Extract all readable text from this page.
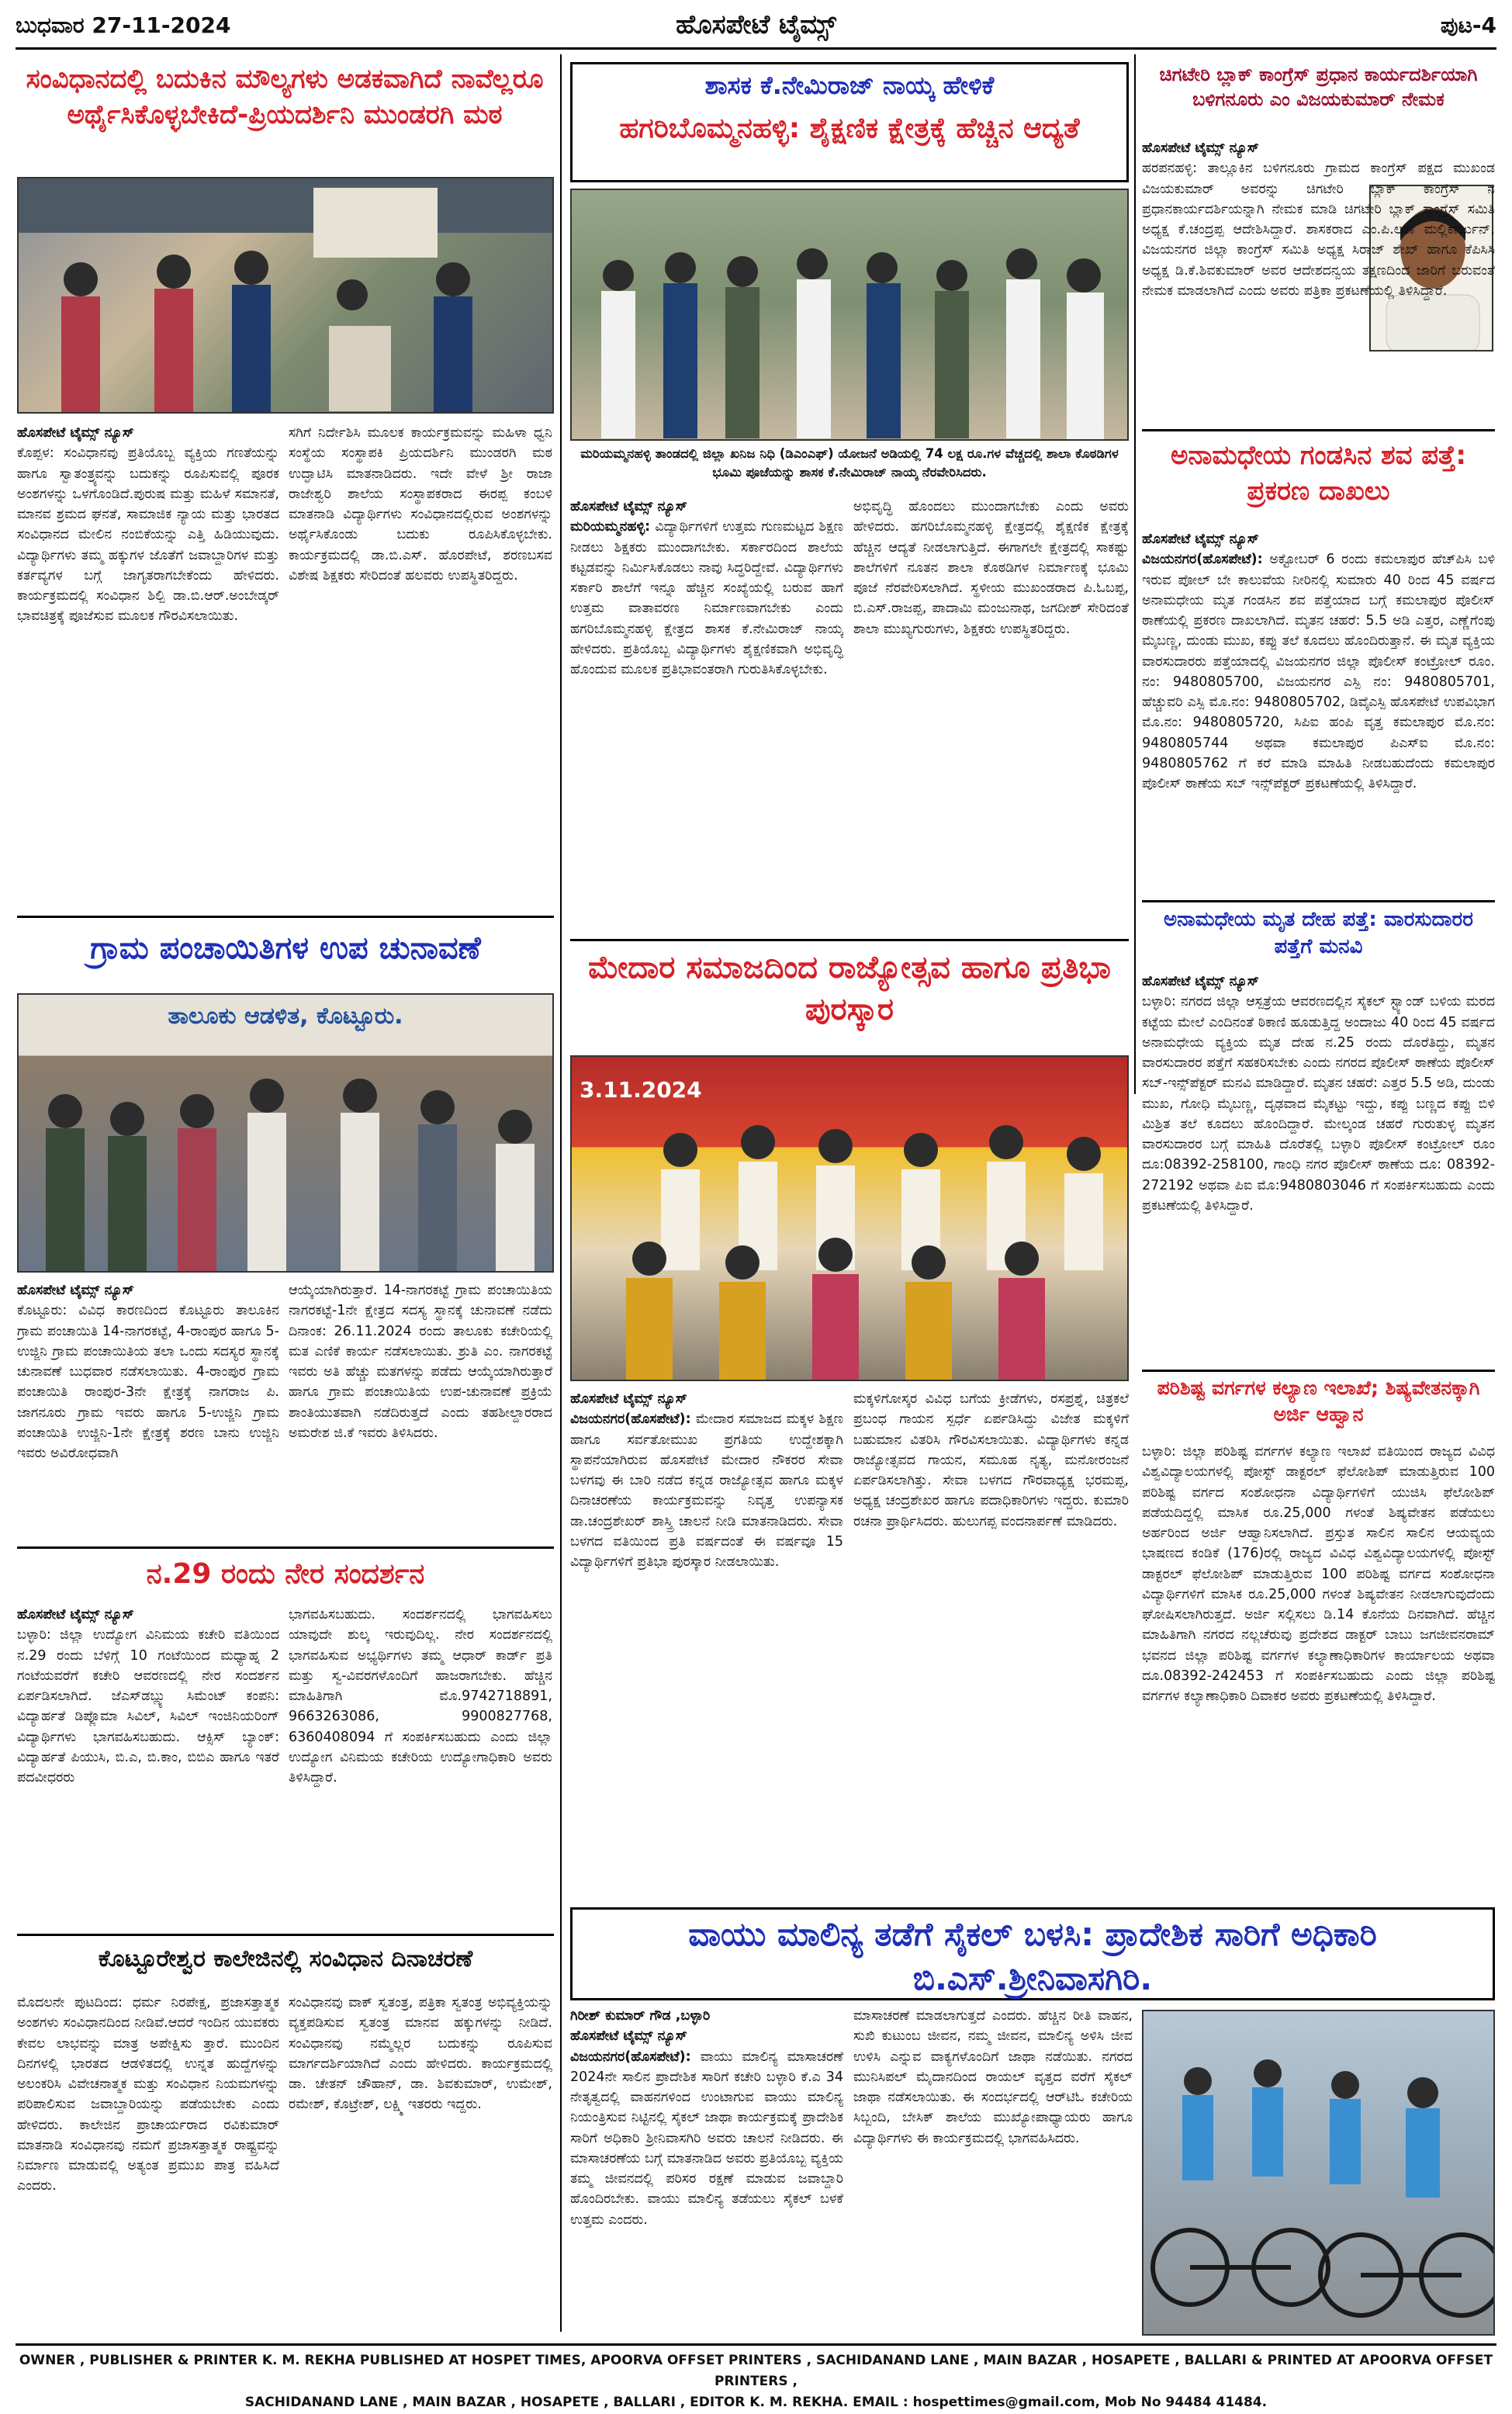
ಬುಧವಾರ 27-11-2024	ಹೊಸಪೇಟೆ ಟೈಮ್ಸ್	ಪುಟ-4
ಸಂವಿಧಾನದಲ್ಲಿ ಬದುಕಿನ ಮೌಲ್ಯಗಳು ಅಡಕವಾಗಿದೆ ನಾವೆಲ್ಲರೂ ಅರ್ಥೈಸಿಕೊಳ್ಳಬೇಕಿದೆ-ಪ್ರಿಯದರ್ಶಿನಿ ಮುಂಡರಗಿ ಮಠ
ಹೊಸಪೇಟೆ ಟೈಮ್ಸ್ ನ್ಯೂಸ್
ಕೊಪ್ಪಳ: ಸಂವಿಧಾನವು ಪ್ರತಿಯೊಬ್ಬ ವ್ಯಕ್ತಿಯ ಗಣತೆಯನ್ನು ಹಾಗೂ ಸ್ವಾತಂತ್ರ್ಯವನ್ನು ಬದುಕನ್ನು ರೂಪಿಸುವಲ್ಲಿ ಪೂರಕ ಅಂಶಗಳನ್ನು ಒಳಗೊಂಡಿದೆ.ಪುರುಷ ಮತ್ತು ಮಹಿಳೆ ಸಮಾನತೆ, ಮಾನವ ಶ್ರಮದ ಘನತೆ, ಸಾಮಾಜಿಕ ನ್ಯಾಯ ಮತ್ತು ಭಾರತದ ಸಂವಿಧಾನದ ಮೇಲಿನ ನಂಬಿಕೆಯನ್ನು ಎತ್ತಿ ಹಿಡಿಯುವುದು. ವಿದ್ಯಾರ್ಥಿಗಳು ತಮ್ಮ ಹಕ್ಕುಗಳ ಜೊತೆಗೆ ಜವಾಬ್ದಾರಿಗಳ ಮತ್ತು ಕರ್ತವ್ಯಗಳ ಬಗ್ಗೆ ಜಾಗೃತರಾಗಬೇಕೆಂದು ಹೇಳಿದರು. ಕಾರ್ಯಕ್ರಮದಲ್ಲಿ ಸಂವಿಧಾನ ಶಿಲ್ಪಿ ಡಾ.ಬಿ.ಆರ್.ಅಂಬೇಡ್ಕರ್ ಭಾವಚಿತ್ರಕ್ಕೆ ಪೂಜೆಸುವ ಮೂಲಕ ಗೌರವಿಸಲಾಯಿತು.
ಸಗಿಗೆ ನಿರ್ದೇಶಿಸಿ ಮೂಲಕ ಕಾರ್ಯಕ್ರಮವನ್ನು ಮಹಿಳಾ ಧ್ವನಿ ಸಂಸ್ಥೆಯ ಸಂಸ್ಥಾಪಕಿ ಪ್ರಿಯದರ್ಶಿನಿ ಮುಂಡರಗಿ ಮಠ ಉದ್ಘಾಟಿಸಿ ಮಾತನಾಡಿದರು. ಇದೇ ವೇಳೆ ಶ್ರೀ ರಾಜಾ ರಾಜೇಶ್ವರಿ ಶಾಲೆಯ ಸಂಸ್ಥಾಪಕರಾದ ಈರಪ್ಪ ಕಂಬಳಿ ಮಾತನಾಡಿ ವಿದ್ಯಾರ್ಥಿಗಳು ಸಂವಿಧಾನದಲ್ಲಿರುವ ಅಂಶಗಳನ್ನು ಅರ್ಥೈಸಿಕೊಂಡು ಬದುಕು ರೂಪಿಸಿಕೊಳ್ಳಬೇಕು. ಕಾರ್ಯಕ್ರಮದಲ್ಲಿ ಡಾ.ಬಿ.ಎಸ್. ಹೊರಪೇಟೆ, ಶರಣಬಸವ ವಿಶೇಷ ಶಿಕ್ಷಕರು ಸೇರಿದಂತೆ ಹಲವರು ಉಪಸ್ಥಿತರಿದ್ದರು.
ಗ್ರಾಮ ಪಂಚಾಯಿತಿಗಳ ಉಪ ಚುನಾವಣೆ
ತಾಲೂಕು ಆಡಳಿತ, ಕೊಟ್ಟೂರು.
ಹೊಸಪೇಟೆ ಟೈಮ್ಸ್ ನ್ಯೂಸ್
ಕೊಟ್ಟೂರು: ವಿವಿಧ ಕಾರಣದಿಂದ ಕೊಟ್ಟೂರು ತಾಲೂಕಿನ ಗ್ರಾಮ ಪಂಚಾಯಿತಿ 14-ನಾಗರಕಟ್ಟೆ, 4-ರಾಂಪುರ ಹಾಗೂ 5-ಉಜ್ಜಿನಿ ಗ್ರಾಮ ಪಂಚಾಯಿತಿಯ ತಲಾ ಒಂದು ಸದಸ್ಯರ ಸ್ಥಾನಕ್ಕೆ ಚುನಾವಣೆ ಬುಧವಾರ ನಡೆಸಲಾಯಿತು. 4-ರಾಂಪುರ ಗ್ರಾಮ ಪಂಚಾಯಿತಿ ರಾಂಪುರ-3ನೇ ಕ್ಷೇತ್ರಕ್ಕೆ ನಾಗರಾಜ ಪಿ. ಜಾಗನೂರು ಗ್ರಾಮ ಇವರು ಹಾಗೂ 5-ಉಜ್ಜಿನಿ ಗ್ರಾಮ ಪಂಚಾಯಿತಿ ಉಜ್ಜಿನಿ-1ನೇ ಕ್ಷೇತ್ರಕ್ಕೆ ಶರಣ ಬಾನು ಉಜ್ಜಿನಿ ಇವರು ಅವಿರೋಧವಾಗಿ
ಆಯ್ಕೆಯಾಗಿರುತ್ತಾರೆ. 14-ನಾಗರಕಟ್ಟೆ ಗ್ರಾಮ ಪಂಚಾಯಿತಿಯ ನಾಗರಕಟ್ಟೆ-1ನೇ ಕ್ಷೇತ್ರದ ಸದಸ್ಯ ಸ್ಥಾನಕ್ಕೆ ಚುನಾವಣೆ ನಡೆದು ದಿನಾಂಕ: 26.11.2024 ರಂದು ತಾಲೂಕು ಕಚೇರಿಯಲ್ಲಿ ಮತ ಎಣಿಕೆ ಕಾರ್ಯ ನಡೆಸಲಾಯಿತು. ಶ್ರುತಿ ಎಂ. ನಾಗರಕಟ್ಟೆ ಇವರು ಅತಿ ಹೆಚ್ಚು ಮತಗಳನ್ನು ಪಡೆದು ಆಯ್ಕೆಯಾಗಿರುತ್ತಾರೆ ಹಾಗೂ ಗ್ರಾಮ ಪಂಚಾಯಿತಿಯ ಉಪ-ಚುನಾವಣೆ ಪ್ರಕ್ರಿಯೆ ಶಾಂತಿಯುತವಾಗಿ ನಡೆದಿರುತ್ತದೆ ಎಂದು ತಹಶೀಲ್ದಾರರಾದ ಅಮರೇಶ ಜಿ.ಕೆ ಇವರು ತಿಳಿಸಿದರು.
ನ.29 ರಂದು ನೇರ ಸಂದರ್ಶನ
ಹೊಸಪೇಟೆ ಟೈಮ್ಸ್ ನ್ಯೂಸ್
ಬಳ್ಳಾರಿ: ಜಿಲ್ಲಾ ಉದ್ಯೋಗ ವಿನಿಮಯ ಕಚೇರಿ ವತಿಯಿಂದ ನ.29 ರಂದು ಬೆಳಿಗ್ಗೆ 10 ಗಂಟೆಯಿಂದ ಮಧ್ಯಾಹ್ನ 2 ಗಂಟೆಯವರೆಗೆ ಕಚೇರಿ ಆವರಣದಲ್ಲಿ ನೇರ ಸಂದರ್ಶನ ಏರ್ಪಡಿಸಲಾಗಿದೆ. ಜೆಎಸ್‌ಡಬ್ಲ್ಯು ಸಿಮೆಂಟ್ ಕಂಪನಿ: ವಿದ್ಯಾರ್ಹತೆ ಡಿಪ್ಲೊಮಾ ಸಿವಿಲ್, ಸಿವಿಲ್ ಇಂಜಿನಿಯರಿಂಗ್ ವಿದ್ಯಾರ್ಥಿಗಳು ಭಾಗವಹಿಸಬಹುದು. ಆಕ್ಸಿಸ್ ಬ್ಯಾಂಕ್: ವಿದ್ಯಾರ್ಹತೆ ಪಿಯುಸಿ, ಬಿ.ಎ, ಬಿ.ಕಾಂ, ಬಿಬಿಎ ಹಾಗೂ ಇತರೆ ಪದವೀಧರರು
ಭಾಗವಹಿಸಬಹುದು. ಸಂದರ್ಶನದಲ್ಲಿ ಭಾಗವಹಿಸಲು ಯಾವುದೇ ಶುಲ್ಕ ಇರುವುದಿಲ್ಲ. ನೇರ ಸಂದರ್ಶನದಲ್ಲಿ ಭಾಗವಹಿಸುವ ಅಭ್ಯರ್ಥಿಗಳು ತಮ್ಮ ಆಧಾರ್ ಕಾರ್ಡ್ ಪ್ರತಿ ಮತ್ತು ಸ್ವ-ವಿವರಗಳೊಂದಿಗೆ ಹಾಜರಾಗಬೇಕು. ಹೆಚ್ಚಿನ ಮಾಹಿತಿಗಾಗಿ ಮೊ.9742718891, 9663263086, 9900827768, 6360408094 ಗೆ ಸಂಪರ್ಕಿಸಬಹುದು ಎಂದು ಜಿಲ್ಲಾ ಉದ್ಯೋಗ ವಿನಿಮಯ ಕಚೇರಿಯ ಉದ್ಯೋಗಾಧಿಕಾರಿ ಅವರು ತಿಳಿಸಿದ್ದಾರೆ.
ಕೊಟ್ಟೂರೇಶ್ವರ ಕಾಲೇಜಿನಲ್ಲಿ ಸಂವಿಧಾನ ದಿನಾಚರಣೆ
ಮೊದಲನೇ ಪುಟದಿಂದ: ಧರ್ಮ ನಿರಪೇಕ್ಷ, ಪ್ರಜಾಸತ್ತಾತ್ಮಕ ಅಂಶಗಳು ಸಂವಿಧಾನದಿಂದ ನೀಡಿವೆ.ಆದರೆ ಇಂದಿನ ಯುವಕರು ಕೇವಲ ಲಾಭವನ್ನು ಮಾತ್ರ ಅಪೇಕ್ಷಿಸು ತ್ತಾರೆ. ಮುಂದಿನ ದಿನಗಳಲ್ಲಿ ಭಾರತದ ಆಡಳಿತದಲ್ಲಿ ಉನ್ನತ ಹುದ್ದೆಗಳನ್ನು ಅಲಂಕರಿಸಿ ವಿವೇಚನಾತ್ಮಕ ಮತ್ತು ಸಂವಿಧಾನ ನಿಯಮಗಳನ್ನು ಪರಿಪಾಲಿಸುವ ಜವಾಬ್ದಾರಿಯನ್ನು ಪಡೆಯಬೇಕು ಎಂದು ಹೇಳಿದರು. ಕಾಲೇಜಿನ ಪ್ರಾಚಾರ್ಯರಾದ ರವಿಕುಮಾರ್ ಮಾತನಾಡಿ ಸಂವಿಧಾನವು ನಮಗೆ ಪ್ರಜಾಸತ್ತಾತ್ಮಕ ರಾಷ್ಟ್ರವನ್ನು ನಿರ್ಮಾಣ ಮಾಡುವಲ್ಲಿ ಅತ್ಯಂತ ಪ್ರಮುಖ ಪಾತ್ರ ವಹಿಸಿದೆ ಎಂದರು.
ಸಂವಿಧಾನವು ವಾಕ್ ಸ್ವತಂತ್ರ, ಪತ್ರಿಕಾ ಸ್ವತಂತ್ರ ಅಭಿವ್ಯಕ್ತಿಯನ್ನು ವ್ಯಕ್ತಪಡಿಸುವ ಸ್ವತಂತ್ರ ಮಾನವ ಹಕ್ಕುಗಳನ್ನು ನೀಡಿದೆ. ಸಂವಿಧಾನವು ನಮ್ಮೆಲ್ಲರ ಬದುಕನ್ನು ರೂಪಿಸುವ ಮಾರ್ಗದರ್ಶಿಯಾಗಿದೆ ಎಂದು ಹೇಳಿದರು. ಕಾರ್ಯಕ್ರಮದಲ್ಲಿ ಡಾ. ಚೇತನ್ ಚೌಹಾನ್, ಡಾ. ಶಿವಕುಮಾರ್, ಉಮೇಶ್, ರಮೇಶ್, ಕೊಟ್ರೇಶ್, ಲಕ್ಷ್ಮಿ ಇತರರು ಇದ್ದರು.
ಶಾಸಕ ಕೆ.ನೇಮಿರಾಜ್ ನಾಯ್ಕ ಹೇಳಿಕೆ
ಹಗರಿಬೊಮ್ಮನಹಳ್ಳಿ: ಶೈಕ್ಷಣಿಕ ಕ್ಷೇತ್ರಕ್ಕೆ ಹೆಚ್ಚಿನ ಆದ್ಯತೆ
ಮರಿಯಮ್ಮನಹಳ್ಳಿ ತಾಂಡದಲ್ಲಿ ಜಿಲ್ಲಾ ಖನಿಜ ನಿಧಿ (ಡಿಎಂಎಫ್) ಯೋಜನೆ ಅಡಿಯಲ್ಲಿ 74 ಲಕ್ಷ ರೂ.ಗಳ ವೆಚ್ಚದಲ್ಲಿ ಶಾಲಾ ಕೊಠಡಿಗಳ ಭೂಮಿ ಪೂಜೆಯನ್ನು ಶಾಸಕ ಕೆ.ನೇಮಿರಾಜ್ ನಾಯ್ಕ ನೆರವೇರಿಸಿದರು.
ಹೊಸಪೇಟೆ ಟೈಮ್ಸ್ ನ್ಯೂಸ್
ಮರಿಯಮ್ಮನಹಳ್ಳಿ: ವಿದ್ಯಾರ್ಥಿಗಳಿಗೆ ಉತ್ತಮ ಗುಣಮಟ್ಟದ ಶಿಕ್ಷಣ ನೀಡಲು ಶಿಕ್ಷಕರು ಮುಂದಾಗಬೇಕು. ಸರ್ಕಾರದಿಂದ ಶಾಲೆಯ ಕಟ್ಟಡವನ್ನು ನಿರ್ಮಿಸಿಕೊಡಲು ನಾವು ಸಿದ್ಧರಿದ್ದೇವೆ. ವಿದ್ಯಾರ್ಥಿಗಳು ಸರ್ಕಾರಿ ಶಾಲೆಗೆ ಇನ್ನೂ ಹೆಚ್ಚಿನ ಸಂಖ್ಯೆಯಲ್ಲಿ ಬರುವ ಹಾಗೆ ಉತ್ತಮ ವಾತಾವರಣ ನಿರ್ಮಾಣವಾಗಬೇಕು ಎಂದು ಹಗರಿಬೊಮ್ಮನಹಳ್ಳಿ ಕ್ಷೇತ್ರದ ಶಾಸಕ ಕೆ.ನೇಮಿರಾಜ್ ನಾಯ್ಕ ಹೇಳಿದರು. ಪ್ರತಿಯೊಬ್ಬ ವಿದ್ಯಾರ್ಥಿಗಳು ಶೈಕ್ಷಣಿಕವಾಗಿ ಅಭಿವೃದ್ಧಿ ಹೊಂದುವ ಮೂಲಕ ಪ್ರತಿಭಾವಂತರಾಗಿ ಗುರುತಿಸಿಕೊಳ್ಳಬೇಕು.
ಅಭಿವೃದ್ಧಿ ಹೊಂದಲು ಮುಂದಾಗಬೇಕು ಎಂದು ಅವರು ಹೇಳಿದರು. ಹಗರಿಬೊಮ್ಮನಹಳ್ಳಿ ಕ್ಷೇತ್ರದಲ್ಲಿ ಶೈಕ್ಷಣಿಕ ಕ್ಷೇತ್ರಕ್ಕೆ ಹೆಚ್ಚಿನ ಆದ್ಯತೆ ನೀಡಲಾಗುತ್ತಿದೆ. ಈಗಾಗಲೇ ಕ್ಷೇತ್ರದಲ್ಲಿ ಸಾಕಷ್ಟು ಶಾಲೆಗಳಿಗೆ ನೂತನ ಶಾಲಾ ಕೊಠಡಿಗಳ ನಿರ್ಮಾಣಕ್ಕೆ ಭೂಮಿ ಪೂಜೆ ನೆರವೇರಿಸಲಾಗಿದೆ. ಸ್ಥಳೀಯ ಮುಖಂಡರಾದ ಪಿ.ಓಬಪ್ಪ, ಬಿ.ಎಸ್.ರಾಜಪ್ಪ, ಪಾದಾಮಿ ಮಂಜುನಾಥ, ಜಗದೀಶ್ ಸೇರಿದಂತೆ ಶಾಲಾ ಮುಖ್ಯಗುರುಗಳು, ಶಿಕ್ಷಕರು ಉಪಸ್ಥಿತರಿದ್ದರು.
ಮೇದಾರ ಸಮಾಜದಿಂದ ರಾಜ್ಯೋತ್ಸವ ಹಾಗೂ ಪ್ರತಿಭಾ ಪುರಸ್ಕಾರ
3.11.2024
ಹೊಸಪೇಟೆ ಟೈಮ್ಸ್ ನ್ಯೂಸ್
ವಿಜಯನಗರ(ಹೊಸಪೇಟೆ): ಮೇದಾರ ಸಮಾಜದ ಮಕ್ಕಳ ಶಿಕ್ಷಣ ಹಾಗೂ ಸರ್ವತೋಮುಖ ಪ್ರಗತಿಯ ಉದ್ದೇಶಕ್ಕಾಗಿ ಸ್ಥಾಪನೆಯಾಗಿರುವ ಹೊಸಪೇಟೆ ಮೇದಾರ ನೌಕರರ ಸೇವಾ ಬಳಗವು ಈ ಬಾರಿ ನಡೆದ ಕನ್ನಡ ರಾಜ್ಯೋತ್ಸವ ಹಾಗೂ ಮಕ್ಕಳ ದಿನಾಚರಣೆಯ ಕಾರ್ಯಕ್ರಮವನ್ನು ನಿವೃತ್ತ ಉಪನ್ಯಾಸಕ ಡಾ.ಚಂದ್ರಶೇಖರ್ ಶಾಸ್ತ್ರಿ ಚಾಲನೆ ನೀಡಿ ಮಾತನಾಡಿದರು. ಸೇವಾ ಬಳಗದ ವತಿಯಿಂದ ಪ್ರತಿ ವರ್ಷದಂತೆ ಈ ವರ್ಷವೂ 15 ವಿದ್ಯಾರ್ಥಿಗಳಿಗೆ ಪ್ರತಿಭಾ ಪುರಸ್ಕಾರ ನೀಡಲಾಯಿತು.
ಮಕ್ಕಳಿಗೋಸ್ಕರ ವಿವಿಧ ಬಗೆಯ ಕ್ರೀಡೆಗಳು, ರಸಪ್ರಶ್ನೆ, ಚಿತ್ರಕಲೆ ಪ್ರಬಂಧ ಗಾಯನ ಸ್ಪರ್ಧೆ ಏರ್ಪಡಿಸಿದ್ದು ವಿಜೇತ ಮಕ್ಕಳಿಗೆ ಬಹುಮಾನ ವಿತರಿಸಿ ಗೌರವಿಸಲಾಯಿತು. ವಿದ್ಯಾರ್ಥಿಗಳು ಕನ್ನಡ ರಾಜ್ಯೋತ್ಸವದ ಗಾಯನ, ಸಮೂಹ ನೃತ್ಯ, ಮನೋರಂಜನೆ ಏರ್ಪಡಿಸಲಾಗಿತ್ತು. ಸೇವಾ ಬಳಗದ ಗೌರವಾಧ್ಯಕ್ಷ ಭರಮಪ್ಪ, ಅಧ್ಯಕ್ಷ ಚಂದ್ರಶೇಖರ ಹಾಗೂ ಪದಾಧಿಕಾರಿಗಳು ಇದ್ದರು. ಕುಮಾರಿ ರಚನಾ ಪ್ರಾರ್ಥಿಸಿದರು. ಹುಲುಗಪ್ಪ ವಂದನಾರ್ಪಣೆ ಮಾಡಿದರು.
ಚಿಗಟೇರಿ ಬ್ಲಾಕ್ ಕಾಂಗ್ರೆಸ್ ಪ್ರಧಾನ ಕಾರ್ಯದರ್ಶಿಯಾಗಿ ಬಳಿಗನೂರು ಎಂ ವಿಜಯಕುಮಾರ್ ನೇಮಕ
ಹೊಸಪೇಟೆ ಟೈಮ್ಸ್ ನ್ಯೂಸ್
ಹರಪನಹಳ್ಳಿ: ತಾಲ್ಲೂಕಿನ ಬಳಿಗನೂರು ಗ್ರಾಮದ ಕಾಂಗ್ರೆಸ್ ಪಕ್ಷದ ಮುಖಂಡ ವಿಜಯಕುಮಾರ್ ಅವರನ್ನು ಚಿಗಟೇರಿ ಬ್ಲಾಕ್ ಕಾಂಗ್ರೆಸ್ ನ ಪ್ರಧಾನಕಾರ್ಯದರ್ಶಿಯನ್ನಾಗಿ ನೇಮಕ ಮಾಡಿ ಚಿಗಟೇರಿ ಬ್ಲಾಕ್ ಕಾಂಗ್ರೆಸ್ ಸಮಿತಿ ಅಧ್ಯಕ್ಷ ಕೆ.ಚಂದ್ರಪ್ಪ ಆದೇಶಿಸಿದ್ದಾರೆ. ಶಾಸಕರಾದ ಎಂ.ಪಿ.ಲತಾ ಮಲ್ಲಿಕಾರ್ಜುನ್, ವಿಜಯನಗರ ಜಿಲ್ಲಾ ಕಾಂಗ್ರೆಸ್ ಸಮಿತಿ ಅಧ್ಯಕ್ಷ ಸಿರಾಜ್ ಶೇಖ್ ಹಾಗೂ ಕೆಪಿಸಿಸಿ ಅಧ್ಯಕ್ಷ ಡಿ.ಕೆ.ಶಿವಕುಮಾರ್ ಅವರ ಆದೇಶದನ್ವಯ ತಕ್ಷಣದಿಂದ ಜಾರಿಗೆ ಬರುವಂತೆ ನೇಮಕ ಮಾಡಲಾಗಿದೆ ಎಂದು ಅವರು ಪತ್ರಿಕಾ ಪ್ರಕಟಣೆಯಲ್ಲಿ ತಿಳಿಸಿದ್ದಾರೆ.
ಅನಾಮಧೇಯ ಗಂಡಸಿನ ಶವ ಪತ್ತೆ: ಪ್ರಕರಣ ದಾಖಲು
ಹೊಸಪೇಟೆ ಟೈಮ್ಸ್ ನ್ಯೂಸ್
ವಿಜಯನಗರ(ಹೊಸಪೇಟೆ): ಅಕ್ಟೋಬರ್ 6 ರಂದು ಕಮಲಾಪುರ ಹೆಚ್‌ಪಿಸಿ ಬಳಿ ಇರುವ ಪೋಲ್ ಬೇ ಕಾಲುವೆಯ ನೀರಿನಲ್ಲಿ ಸುಮಾರು 40 ರಿಂದ 45 ವರ್ಷದ ಅನಾಮಧೇಯ ಮೃತ ಗಂಡಸಿನ ಶವ ಪತ್ತೆಯಾದ ಬಗ್ಗೆ ಕಮಲಾಪುರ ಪೊಲೀಸ್ ಠಾಣೆಯಲ್ಲಿ ಪ್ರಕರಣ ದಾಖಲಾಗಿದೆ. ಮೃತನ ಚಹರೆ: 5.5 ಅಡಿ ಎತ್ತರ, ಎಣ್ಣೆಗೆಂಪು ಮೈಬಣ್ಣ, ದುಂಡು ಮುಖ, ಕಪ್ಪು ತಲೆ ಕೂದಲು ಹೊಂದಿರುತ್ತಾನೆ. ಈ ಮೃತ ವ್ಯಕ್ತಿಯ ವಾರಸುದಾರರು ಪತ್ತೆಯಾದಲ್ಲಿ ವಿಜಯನಗರ ಜಿಲ್ಲಾ ಪೊಲೀಸ್ ಕಂಟ್ರೋಲ್ ರೂಂ. ನಂ: 9480805700, ವಿಜಯನಗರ ಎಸ್ಪಿ ನಂ: 9480805701, ಹೆಚ್ಚುವರಿ ಎಸ್ಪಿ ಮೊ.ನಂ: 9480805702, ಡಿವೈಎಸ್ಪಿ ಹೊಸಪೇಟೆ ಉಪವಿಭಾಗ ಮೊ.ನಂ: 9480805720, ಸಿಪಿಐ ಹಂಪಿ ವೃತ್ತ ಕಮಲಾಪುರ ಮೊ.ನಂ: 9480805744 ಅಥವಾ ಕಮಲಾಪುರ ಪಿಎಸ್ಐ ಮೊ.ನಂ: 9480805762 ಗೆ ಕರೆ ಮಾಡಿ ಮಾಹಿತಿ ನೀಡಬಹುದೆಂದು ಕಮಲಾಪುರ ಪೊಲೀಸ್ ಠಾಣೆಯ ಸಬ್ ಇನ್ಸ್‌ಪೆಕ್ಟರ್ ಪ್ರಕಟಣೆಯಲ್ಲಿ ತಿಳಿಸಿದ್ದಾರೆ.
ಅನಾಮಧೇಯ ಮೃತ ದೇಹ ಪತ್ತೆ: ವಾರಸುದಾರರ ಪತ್ತೆಗೆ ಮನವಿ
ಹೊಸಪೇಟೆ ಟೈಮ್ಸ್ ನ್ಯೂಸ್
ಬಳ್ಳಾರಿ: ನಗರದ ಜಿಲ್ಲಾ ಆಸ್ಪತ್ರೆಯ ಆವರಣದಲ್ಲಿನ ಸೈಕಲ್ ಸ್ಟ್ಯಾಂಡ್ ಬಳಿಯ ಮರದ ಕಟ್ಟೆಯ ಮೇಲೆ ಎಂದಿನಂತೆ ಠಿಕಾಣಿ ಹೂಡುತ್ತಿದ್ದ ಅಂದಾಜು 40 ರಿಂದ 45 ವರ್ಷದ ಅನಾಮಧೇಯ ವ್ಯಕ್ತಿಯ ಮೃತ ದೇಹ ನ.25 ರಂದು ದೊರೆತಿದ್ದು, ಮೃತನ ವಾರಸುದಾರರ ಪತ್ತೆಗೆ ಸಹಕರಿಸಬೇಕು ಎಂದು ನಗರದ ಪೊಲೀಸ್ ಠಾಣೆಯ ಪೊಲೀಸ್ ಸಬ್-ಇನ್ಸ್‌ಪೆಕ್ಟರ್ ಮನವಿ ಮಾಡಿದ್ದಾರೆ. ಮೃತನ ಚಹರೆ: ಎತ್ತರ 5.5 ಅಡಿ, ದುಂಡು ಮುಖ, ಗೋಧಿ ಮೈಬಣ್ಣ, ದೃಢವಾದ ಮೈಕಟ್ಟು ಇದ್ದು, ಕಪ್ಪು ಬಣ್ಣದ ಕಪ್ಪು ಬಿಳಿ ಮಿಶ್ರಿತ ತಲೆ ಕೂದಲು ಹೊಂದಿದ್ದಾರೆ. ಮೇಲ್ಕಂಡ ಚಹರೆ ಗುರುತುಳ್ಳ ಮೃತನ ವಾರಸುದಾರರ ಬಗ್ಗೆ ಮಾಹಿತಿ ದೊರೆತಲ್ಲಿ ಬಳ್ಳಾರಿ ಪೊಲೀಸ್ ಕಂಟ್ರೋಲ್ ರೂಂ ದೂ:08392-258100, ಗಾಂಧಿ ನಗರ ಪೊಲೀಸ್ ಠಾಣೆಯ ದೂ: 08392-272192 ಅಥವಾ ಪಿಐ ಮೊ:9480803046 ಗೆ ಸಂಪರ್ಕಿಸಬಹುದು ಎಂದು ಪ್ರಕಟಣೆಯಲ್ಲಿ ತಿಳಿಸಿದ್ದಾರೆ.
ಪರಿಶಿಷ್ಟ ವರ್ಗಗಳ ಕಲ್ಯಾಣ ಇಲಾಖೆ; ಶಿಷ್ಯವೇತನಕ್ಕಾಗಿ ಅರ್ಜಿ ಆಹ್ವಾನ
ಬಳ್ಳಾರಿ: ಜಿಲ್ಲಾ ಪರಿಶಿಷ್ಟ ವರ್ಗಗಳ ಕಲ್ಯಾಣ ಇಲಾಖೆ ವತಿಯಿಂದ ರಾಜ್ಯದ ವಿವಿಧ ವಿಶ್ವವಿದ್ಯಾಲಯಗಳಲ್ಲಿ ಪೋಸ್ಟ್ ಡಾಕ್ಟರಲ್ ಫೆಲೋಶಿಪ್ ಮಾಡುತ್ತಿರುವ 100 ಪರಿಶಿಷ್ಟ ವರ್ಗದ ಸಂಶೋಧನಾ ವಿದ್ಯಾರ್ಥಿಗಳಿಗೆ ಯುಜಿಸಿ ಫೆಲೋಶಿಪ್ ಪಡೆಯದಿದ್ದಲ್ಲಿ ಮಾಸಿಕ ರೂ.25,000 ಗಳಂತೆ ಶಿಷ್ಯವೇತನ ಪಡೆಯಲು ಅರ್ಹರಿಂದ ಅರ್ಜಿ ಆಹ್ವಾನಿಸಲಾಗಿದೆ. ಪ್ರಸ್ತುತ ಸಾಲಿನ ಸಾಲಿನ ಆಯವ್ಯಯ ಭಾಷಣದ ಕಂಡಿಕೆ (176)ರಲ್ಲಿ ರಾಜ್ಯದ ವಿವಿಧ ವಿಶ್ವವಿದ್ಯಾಲಯಗಳಲ್ಲಿ ಪೋಸ್ಟ್ ಡಾಕ್ಟರಲ್ ಫೆಲೋಶಿಪ್ ಮಾಡುತ್ತಿರುವ 100 ಪರಿಶಿಷ್ಟ ವರ್ಗದ ಸಂಶೋಧನಾ ವಿದ್ಯಾರ್ಥಿಗಳಿಗೆ ಮಾಸಿಕ ರೂ.25,000 ಗಳಂತೆ ಶಿಷ್ಯವೇತನ ನೀಡಲಾಗುವುದೆಂದು ಘೋಷಿಸಲಾಗಿರುತ್ತದೆ. ಅರ್ಜಿ ಸಲ್ಲಿಸಲು ಡಿ.14 ಕೊನೆಯ ದಿನವಾಗಿದೆ. ಹೆಚ್ಚಿನ ಮಾಹಿತಿಗಾಗಿ ನಗರದ ನಲ್ಲಚೆರುವು ಪ್ರದೇಶದ ಡಾಕ್ಟರ್ ಬಾಬು ಜಗಜೀವನರಾಮ್ ಭವನದ ಜಿಲ್ಲಾ ಪರಿಶಿಷ್ಟ ವರ್ಗಗಳ ಕಲ್ಯಾಣಾಧಿಕಾರಿಗಳ ಕಾರ್ಯಾಲಯ ಅಥವಾ ದೂ.08392-242453 ಗೆ ಸಂಪರ್ಕಿಸಬಹುದು ಎಂದು ಜಿಲ್ಲಾ ಪರಿಶಿಷ್ಟ ವರ್ಗಗಳ ಕಲ್ಯಾಣಾಧಿಕಾರಿ ದಿವಾಕರ ಅವರು ಪ್ರಕಟಣೆಯಲ್ಲಿ ತಿಳಿಸಿದ್ದಾರೆ.
ವಾಯು ಮಾಲಿನ್ಯ ತಡೆಗೆ ಸೈಕಲ್ ಬಳಸಿ: ಪ್ರಾದೇಶಿಕ ಸಾರಿಗೆ ಅಧಿಕಾರಿ ಬಿ.ಎಸ್.ಶ್ರೀನಿವಾಸಗಿರಿ.
ಗಿರೀಶ್ ಕುಮಾರ್ ಗೌಡ ,ಬಳ್ಳಾರಿ
ಹೊಸಪೇಟೆ ಟೈಮ್ಸ್ ನ್ಯೂಸ್
ವಿಜಯನಗರ(ಹೊಸಪೇಟೆ): ವಾಯು ಮಾಲಿನ್ಯ ಮಾಸಾಚರಣೆ 2024ನೇ ಸಾಲಿನ ಪ್ರಾದೇಶಿಕ ಸಾರಿಗೆ ಕಚೇರಿ ಬಳ್ಳಾರಿ ಕೆ.ಎ 34 ನೇತೃತ್ವದಲ್ಲಿ ವಾಹನಗಳಿಂದ ಉಂಟಾಗುವ ವಾಯು ಮಾಲಿನ್ಯ ನಿಯಂತ್ರಿಸುವ ನಿಟ್ಟಿನಲ್ಲಿ ಸೈಕಲ್ ಜಾಥಾ ಕಾರ್ಯಕ್ರಮಕ್ಕೆ ಪ್ರಾದೇಶಿಕ ಸಾರಿಗೆ ಅಧಿಕಾರಿ ಶ್ರೀನಿವಾಸಗಿರಿ ಅವರು ಚಾಲನೆ ನೀಡಿದರು. ಈ ಮಾಸಾಚರಣೆಯ ಬಗ್ಗೆ ಮಾತನಾಡಿದ ಅವರು ಪ್ರತಿಯೊಬ್ಬ ವ್ಯಕ್ತಿಯ ತಮ್ಮ ಜೀವನದಲ್ಲಿ ಪರಿಸರ ರಕ್ಷಣೆ ಮಾಡುವ ಜವಾಬ್ದಾರಿ ಹೊಂದಿರಬೇಕು. ವಾಯು ಮಾಲಿನ್ಯ ತಡೆಯಲು ಸೈಕಲ್ ಬಳಕೆ ಉತ್ತಮ ಎಂದರು.
ಮಾಸಾಚರಣೆ ಮಾಡಲಾಗುತ್ತದೆ ಎಂದರು. ಹೆಚ್ಚಿನ ರೀತಿ ವಾಹನ, ಸುಖಿ ಕುಟುಂಬ ಜೀವನ, ನಮ್ಮ ಜೀವನ, ಮಾಲಿನ್ಯ ಅಳಿಸಿ ಜೀವ ಉಳಿಸಿ ಎನ್ನುವ ವಾಕ್ಯಗಳೊಂದಿಗೆ ಜಾಥಾ ನಡೆಯಿತು. ನಗರದ ಮುನಿಸಿಪಲ್ ಮೈದಾನದಿಂದ ರಾಯಲ್ ವೃತ್ತದ ವರೆಗೆ ಸೈಕಲ್ ಜಾಥಾ ನಡೆಸಲಾಯಿತು. ಈ ಸಂದರ್ಭದಲ್ಲಿ ಆರ್‌ಟಿಓ ಕಚೇರಿಯ ಸಿಬ್ಬಂದಿ, ಬೇಸಿಕ್ ಶಾಲೆಯ ಮುಖ್ಯೋಪಾಧ್ಯಾಯರು ಹಾಗೂ ವಿದ್ಯಾರ್ಥಿಗಳು ಈ ಕಾರ್ಯಕ್ರಮದಲ್ಲಿ ಭಾಗವಹಿಸಿದರು.
OWNER , PUBLISHER & PRINTER K. M. REKHA PUBLISHED AT HOSPET TIMES, APOORVA OFFSET PRINTERS , SACHIDANAND LANE , MAIN BAZAR , HOSAPETE , BALLARI & PRINTED AT APOORVA OFFSET PRINTERS ,
SACHIDANAND LANE , MAIN BAZAR , HOSAPETE , BALLARI , EDITOR K. M. REKHA. EMAIL : hospettimes@gmail.com, Mob No 94484 41484.
